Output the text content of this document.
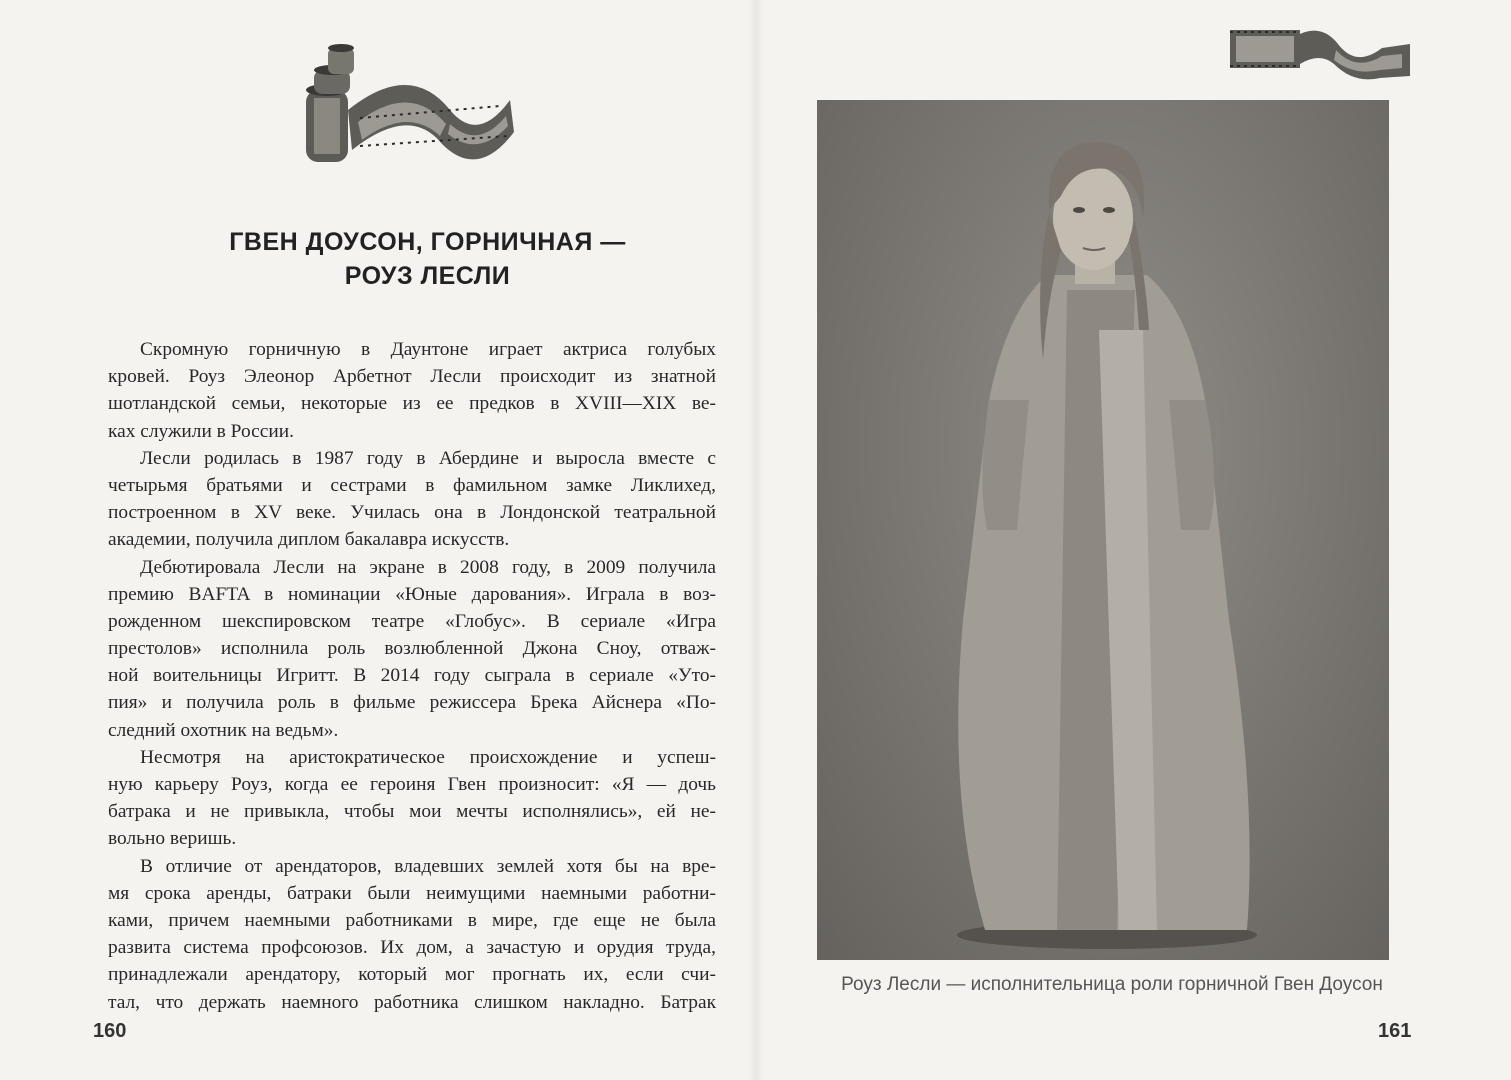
ГВЕН ДОУСОН, ГОРНИЧНАЯ —
РОУЗ ЛЕСЛИ
Скромную горничную в Даунтоне играет актриса голубых
кровей. Роуз Элеонор Арбетнот Лесли происходит из знатной
шотландской семьи, некоторые из ее предков в XVIII—XIX ве-
ках служили в России.
Лесли родилась в 1987 году в Абердине и выросла вместе с
четырьмя братьями и сестрами в фамильном замке Ликлихед,
построенном в XV веке. Училась она в Лондонской театральной
академии, получила диплом бакалавра искусств.
Дебютировала Лесли на экране в 2008 году, в 2009 получила
премию BAFTA в номинации «Юные дарования». Играла в воз-
рожденном шекспировском театре «Глобус». В сериале «Игра
престолов» исполнила роль возлюбленной Джона Сноу, отваж-
ной воительницы Игритт. В 2014 году сыграла в сериале «Уто-
пия» и получила роль в фильме режиссера Брека Айснера «По-
следний охотник на ведьм».
Несмотря на аристократическое происхождение и успеш-
ную карьеру Роуз, когда ее героиня Гвен произносит: «Я — дочь
батрака и не привыкла, чтобы мои мечты исполнялись», ей не-
вольно веришь.
В отличие от арендаторов, владевших землей хотя бы на вре-
мя срока аренды, батраки были неимущими наемными работни-
ками, причем наемными работниками в мире, где еще не была
развита система профсоюзов. Их дом, а зачастую и орудия труда,
принадлежали арендатору, который мог прогнать их, если счи-
тал, что держать наемного работника слишком накладно. Батрак
160
Роуз Лесли — исполнительница роли горничной Гвен Доусон
161
